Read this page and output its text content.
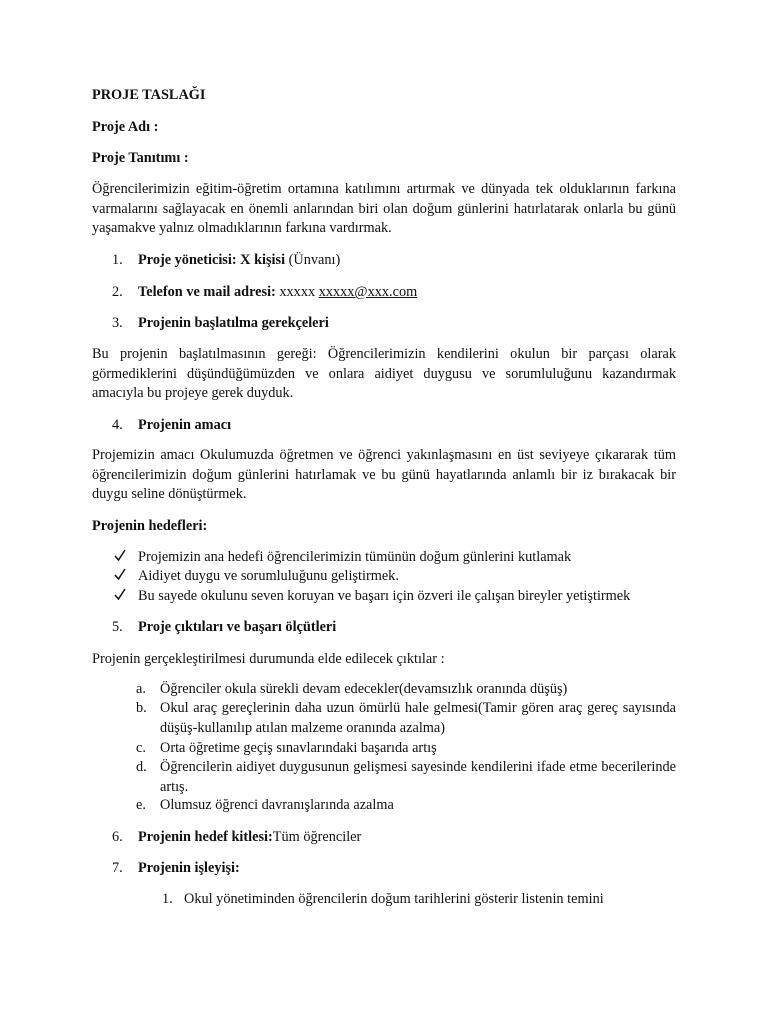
PROJE TASLAĞI

Proje Adı :

Proje Tanıtımı :

Öğrencilerimizin eğitim-öğretim ortamına katılımını artırmak ve dünyada tek olduklarının farkına varmalarını sağlayacak en önemli anlarından biri olan doğum günlerini hatırlatarak onlarla bu günü yaşamakve yalnız olmadıklarının farkına vardırmak.

1. Proje yöneticisi: X kişisi (Ünvanı)

2. Telefon ve mail adresi: xxxxx xxxxx@xxx.com

3. Projenin başlatılma gerekçeleri

Bu projenin başlatılmasının gereği: Öğrencilerimizin kendilerini okulun bir parçası olarak görmediklerini düşündüğümüzden ve onlara aidiyet duygusu ve sorumluluğunu kazandırmak amacıyla bu projeye gerek duyduk.

4. Projenin amacı

Projemizin amacı Okulumuzda öğretmen ve öğrenci yakınlaşmasını en üst seviyeye çıkararak tüm öğrencilerimizin doğum günlerini hatırlamak ve bu günü hayatlarında anlamlı bir iz bırakacak bir duygu seline dönüştürmek.

Projenin hedefleri:

Projemizin ana hedefi öğrencilerimizin tümünün doğum günlerini kutlamak

Aidiyet duygu ve sorumluluğunu geliştirmek.

Bu sayede okulunu seven koruyan ve başarı için özveri ile çalışan bireyler yetiştirmek

5. Proje çıktıları ve başarı ölçütleri

Projenin gerçekleştirilmesi durumunda elde edilecek çıktılar :

a. Öğrenciler okula sürekli devam edecekler(devamsızlık oranında düşüş)

b. Okul araç gereçlerinin daha uzun ömürlü hale gelmesi(Tamir gören araç gereç sayısında düşüş-kullanılıp atılan malzeme oranında azalma)

c. Orta öğretime geçiş sınavlarındaki başarıda artış

d. Öğrencilerin aidiyet duygusunun gelişmesi sayesinde kendilerini ifade etme becerilerinde artış.

e. Olumsuz öğrenci davranışlarında azalma

6. Projenin hedef kitlesi:Tüm öğrenciler

7. Projenin işleyişi:

1. Okul yönetiminden öğrencilerin doğum tarihlerini gösterir listenin temini
